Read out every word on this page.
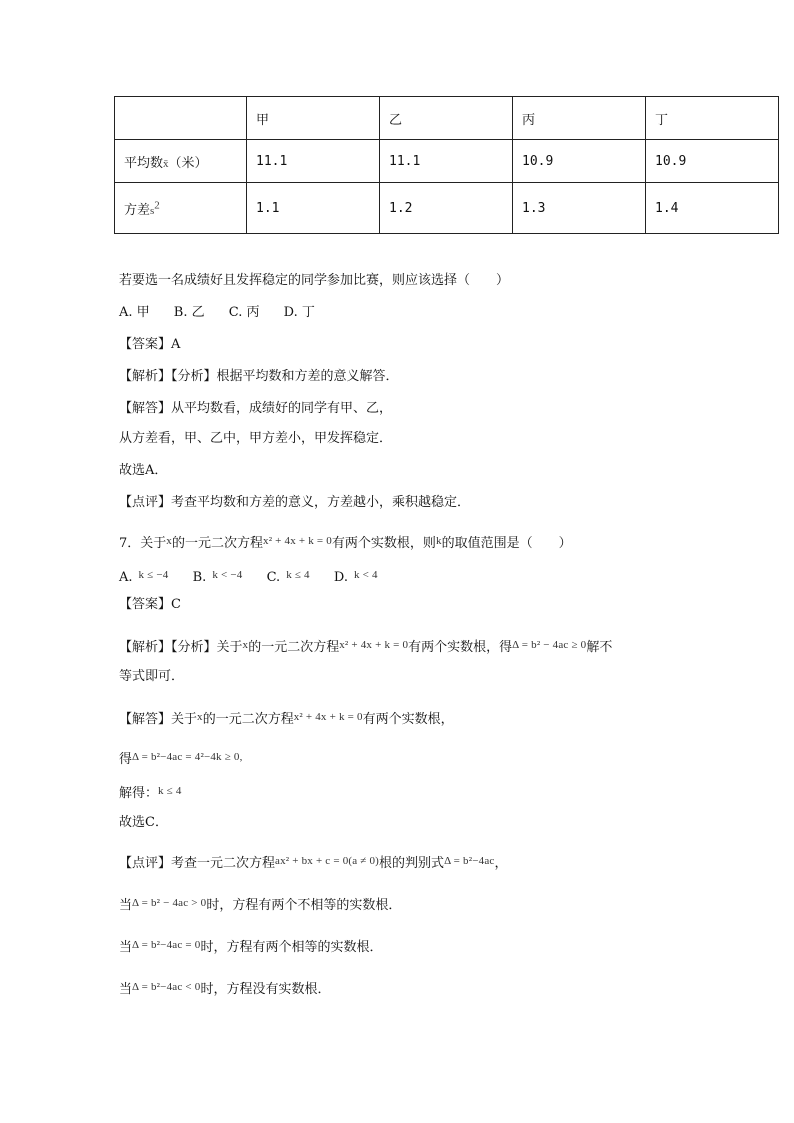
	甲	乙	丙	丁
平均数x̄（米）	11.1	11.1	10.9	10.9
方差$s^2$	1.1	1.2	1.3	1.4
若要选一名成绩好且发挥稳定的同学参加比赛，则应该选择（　　）
A. 甲 B. 乙 C. 丙 D. 丁
【答案】A
【解析】【分析】根据平均数和方差的意义解答．
【解答】从平均数看，成绩好的同学有甲、乙，
从方差看，甲、乙中，甲方差小，甲发挥稳定．
故选A．
【点评】考查平均数和方差的意义，方差越小，乘积越稳定．
7．关于$^x$的一元二次方程$^{x^2 + 4x + k = 0}$有两个实数根，则$^k$的取值范围是（　　）
A. $^{k \le -4}$ B. $^{k < -4}$ C. $^{k \le 4}$ D. $^{k < 4}$
【答案】C
【解析】【分析】关于$^x$的一元二次方程$^{x^2 + 4x + k = 0}$有两个实数根，得$^{\Delta = b^2 - 4ac \ge 0}$解不
等式即可．
【解答】关于$^x$的一元二次方程$^{x^2 + 4x + k = 0}$有两个实数根，
得$^{\Delta = b^2-4ac = 4^2-4k \ge 0,}$
解得：$^{k \le 4}$
故选C．
【点评】考查一元二次方程$^{ax^2 + bx + c = 0(a \ne 0)}$根的判别式$^{\Delta = b^2-4ac}$，
当$^{\Delta = b^2 - 4ac > 0}$时，方程有两个不相等的实数根．
当$^{\Delta = b^2-4ac = 0}$时，方程有两个相等的实数根．
当$^{\Delta = b^2-4ac < 0}$时，方程没有实数根．
